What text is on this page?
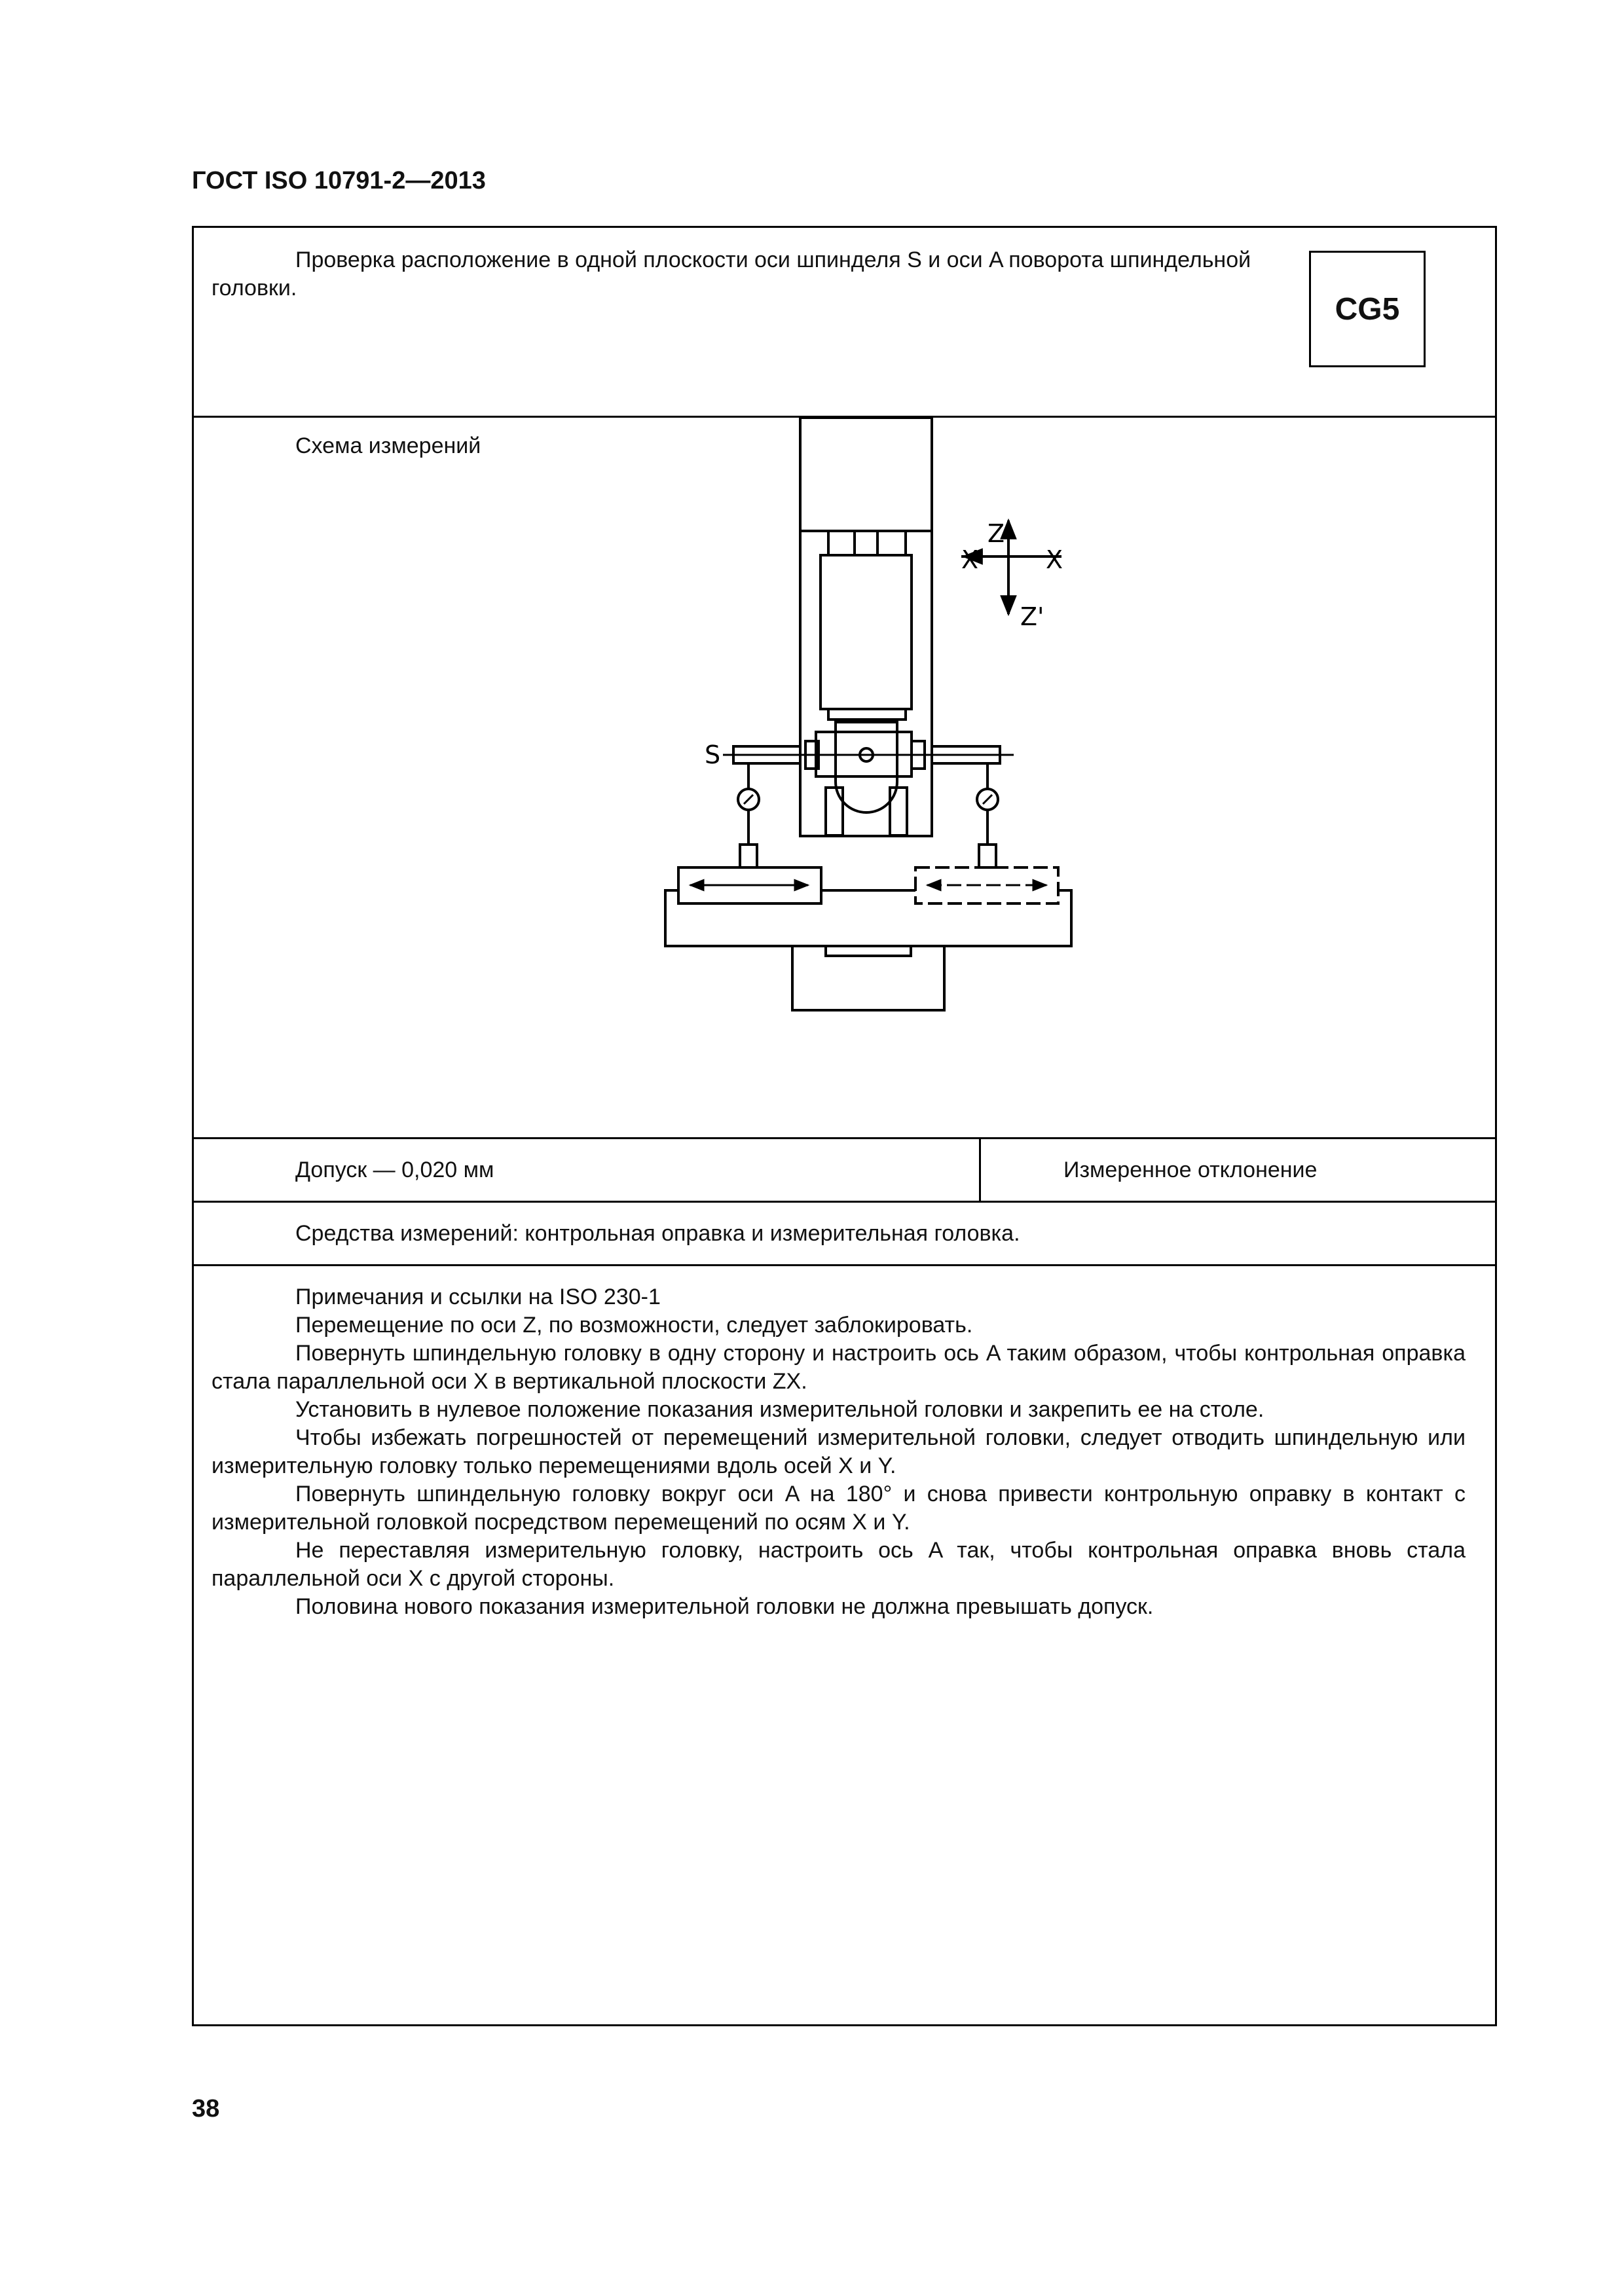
ГОСТ ISO 10791-2—2013
Проверка расположение в одной плоскости оси шпинделя S и оси A поворота шпиндельной головки.
CG5
Схема измерений
Z
X' X
Z'
S
Допуск — 0,020 мм	Измеренное отклонение
Средства измерений: контрольная оправка и измерительная головка.

Примечания и ссылки на ISO 230-1

Перемещение по оси Z, по возможности, следует заблокировать.

Повернуть шпиндельную головку в одну сторону и настроить ось A таким образом, чтобы контрольная оправка стала параллельной оси X в вертикальной плоскости ZX.

Установить в нулевое положение показания измерительной головки и закрепить ее на столе.

Чтобы избежать погрешностей от перемещений измерительной головки, следует отводить шпиндельную или измерительную головку только перемещениями вдоль осей X и Y.

Повернуть шпиндельную головку вокруг оси A на 180° и снова привести контрольную оправку в контакт с измерительной головкой посредством перемещений по осям X и Y.

Не переставляя измерительную головку, настроить ось A так, чтобы контрольная оправка вновь стала параллельной оси X с другой стороны.

Половина нового показания измерительной головки не должна превышать допуск.

38
